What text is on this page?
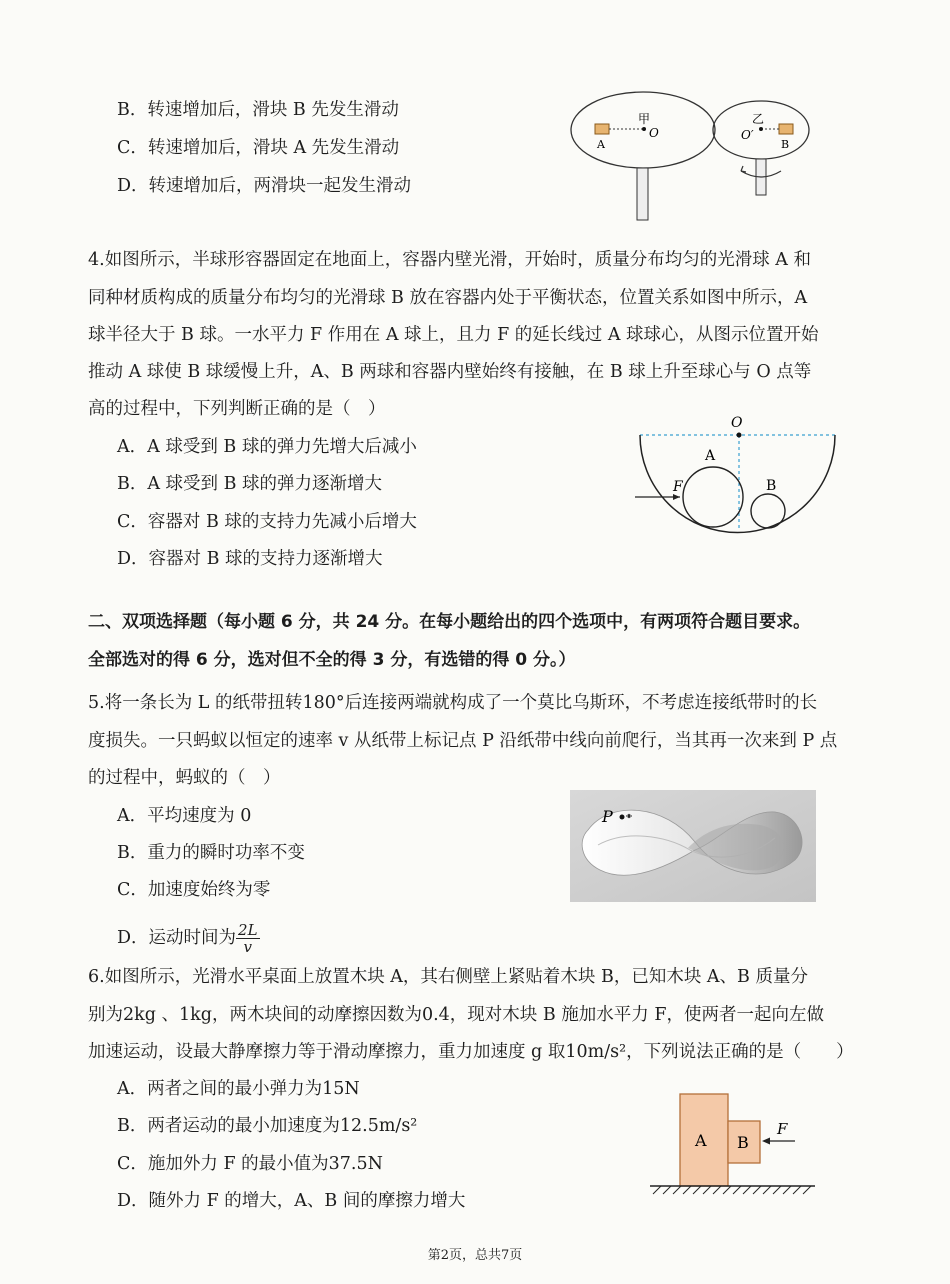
B．转速增加后，滑块 B 先发生滑动
C．转速增加后，滑块 A 先发生滑动
D．转速增加后，两滑块一起发生滑动
甲
O
A
乙
O′
B
4.如图所示，半球形容器固定在地面上，容器内壁光滑，开始时，质量分布均匀的光滑球 A 和
同种材质构成的质量分布均匀的光滑球 B 放在容器内处于平衡状态，位置关系如图中所示，A
球半径大于 B 球。一水平力 F 作用在 A 球上，且力 F 的延长线过 A 球球心，从图示位置开始
推动 A 球使 B 球缓慢上升，A、B 两球和容器内壁始终有接触，在 B 球上升至球心与 O 点等
高的过程中，下列判断正确的是（　）
A．A 球受到 B 球的弹力先增大后减小
B．A 球受到 B 球的弹力逐渐增大
C．容器对 B 球的支持力先减小后增大
D．容器对 B 球的支持力逐渐增大
O
A
B
F
二、双项选择题（每小题 6 分，共 24 分。在每小题给出的四个选项中，有两项符合题目要求。
全部选对的得 6 分，选对但不全的得 3 分，有选错的得 0 分。）
5.将一条长为 L 的纸带扭转180°后连接两端就构成了一个莫比乌斯环，不考虑连接纸带时的长
度损失。一只蚂蚁以恒定的速率 v 从纸带上标记点 P 沿纸带中线向前爬行，当其再一次来到 P 点
的过程中，蚂蚁的（　）
A．平均速度为 0
B．重力的瞬时功率不变
C．加速度始终为零
D．运动时间为 $\frac{2L}{v}$
P
6.如图所示，光滑水平桌面上放置木块 A，其右侧壁上紧贴着木块 B，已知木块 A、B 质量分
别为2kg 、1kg，两木块间的动摩擦因数为0.4，现对木块 B 施加水平力 F，使两者一起向左做
加速运动，设最大静摩擦力等于滑动摩擦力，重力加速度 g 取10m/s²，下列说法正确的是（　　）
A．两者之间的最小弹力为15N
B．两者运动的最小加速度为12.5m/s²
C．施加外力 F 的最小值为37.5N
D．随外力 F 的增大，A、B 间的摩擦力增大
A B
F
第2页，总共7页
